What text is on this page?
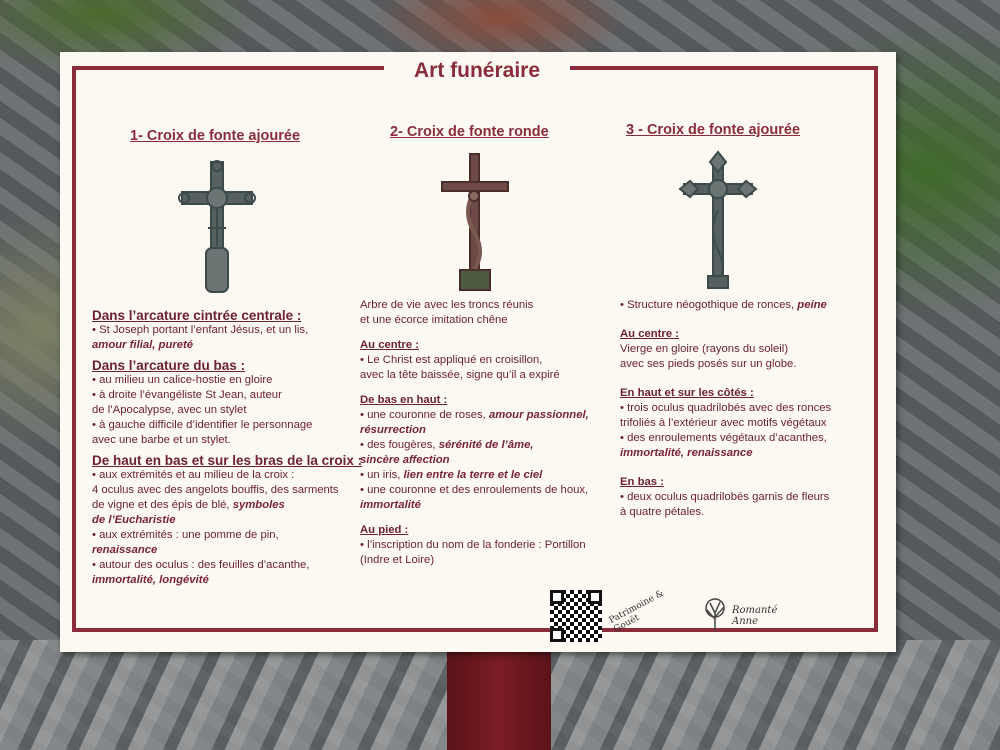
Art funéraire
1- Croix de fonte ajourée	2- Croix de fonte ronde	3 - Croix de fonte ajourée
Dans l’arcature cintrée centrale :

• St Joseph portant l’enfant Jésus, et un lis,

amour filial, pureté

Dans l’arcature du bas :

• au milieu un calice-hostie en gloire

• à droite l’évangéliste St Jean, auteur

de l’Apocalypse, avec un stylet

• à gauche difficile d’identifier le personnage

avec une barbe et un stylet.

De haut en bas et sur les bras de la croix :

• aux extrémités et au milieu de la croix :

4 oculus avec des angelots bouffis, des sarments

de vigne et des épis de blé, symboles

de l’Eucharistie

• aux extrémités : une pomme de pin,

renaissance

• autour des oculus : des feuilles d’acanthe,

immortalité, longévité

Arbre de vie avec les troncs réunis

et une écorce imitation chêne

Au centre :

• Le Christ est appliqué en croisillon,

avec la tête baissée, signe qu’il a expiré

De bas en haut :

• une couronne de roses, amour passionnel,

résurrection

• des fougères, sérénité de l’âme,

sincère affection

• un iris, lien entre la terre et le ciel

• une couronne et des enroulements de houx,

immortalité

Au pied :

• l’inscription du nom de la fonderie : Portillon

(Indre et Loire)

• Structure néogothique de ronces, peine

Au centre :

Vierge en gloire (rayons du soleil)

avec ses pieds posés sur un globe.

En haut et sur les côtés :

• trois oculus quadrilobés avec des ronces

trifoliés à l’extérieur avec motifs végétaux

• des enroulements végétaux d’acanthes,

immortalité, renaissance

En bas :

• deux oculus quadrilobés garnis de fleurs

à quatre pétales.

Patrimoine & Gouët
Romanté Anne
